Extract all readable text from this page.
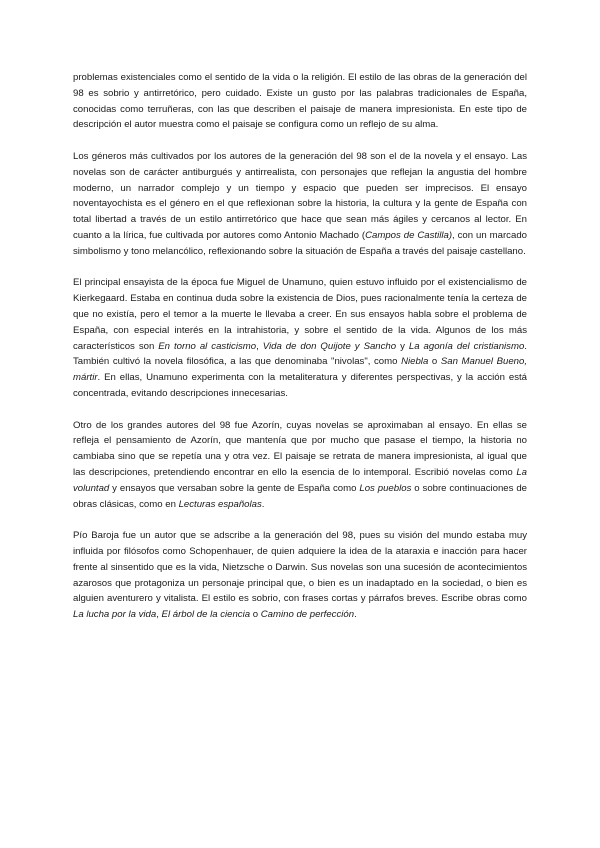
problemas existenciales como el sentido de la vida o la religión. El estilo de las obras de la generación del 98 es sobrio y antirretórico, pero cuidado. Existe un gusto por las palabras tradicionales de España, conocidas como terruñeras, con las que describen el paisaje de manera impresionista. En este tipo de descripción el autor muestra como el paisaje se configura como un reflejo de su alma.

Los géneros más cultivados por los autores de la generación del 98 son el de la novela y el ensayo. Las novelas son de carácter antiburgués y antirrealista, con personajes que reflejan la angustia del hombre moderno, un narrador complejo y un tiempo y espacio que pueden ser imprecisos. El ensayo noventayochista es el género en el que reflexionan sobre la historia, la cultura y la gente de España con total libertad a través de un estilo antirretórico que hace que sean más ágiles y cercanos al lector. En cuanto a la lírica, fue cultivada por autores como Antonio Machado (Campos de Castilla), con un marcado simbolismo y tono melancólico, reflexionando sobre la situación de España a través del paisaje castellano.

El principal ensayista de la época fue Miguel de Unamuno, quien estuvo influido por el existencialismo de Kierkegaard. Estaba en continua duda sobre la existencia de Dios, pues racionalmente tenía la certeza de que no existía, pero el temor a la muerte le llevaba a creer. En sus ensayos habla sobre el problema de España, con especial interés en la intrahistoria, y sobre el sentido de la vida. Algunos de los más característicos son En torno al casticismo, Vida de don Quijote y Sancho y La agonía del cristianismo. También cultivó la novela filosófica, a las que denominaba "nivolas", como Niebla o San Manuel Bueno, mártir. En ellas, Unamuno experimenta con la metaliteratura y diferentes perspectivas, y la acción está concentrada, evitando descripciones innecesarias.

Otro de los grandes autores del 98 fue Azorín, cuyas novelas se aproximaban al ensayo. En ellas se refleja el pensamiento de Azorín, que mantenía que por mucho que pasase el tiempo, la historia no cambiaba sino que se repetía una y otra vez. El paisaje se retrata de manera impresionista, al igual que las descripciones, pretendiendo encontrar en ello la esencia de lo intemporal. Escribió novelas como La voluntad y ensayos que versaban sobre la gente de España como Los pueblos o sobre continuaciones de obras clásicas, como en Lecturas españolas.

Pío Baroja fue un autor que se adscribe a la generación del 98, pues su visión del mundo estaba muy influida por filósofos como Schopenhauer, de quien adquiere la idea de la ataraxia e inacción para hacer frente al sinsentido que es la vida, Nietzsche o Darwin. Sus novelas son una sucesión de acontecimientos azarosos que protagoniza un personaje principal que, o bien es un inadaptado en la sociedad, o bien es alguien aventurero y vitalista. El estilo es sobrio, con frases cortas y párrafos breves. Escribe obras como La lucha por la vida, El árbol de la ciencia o Camino de perfección.
